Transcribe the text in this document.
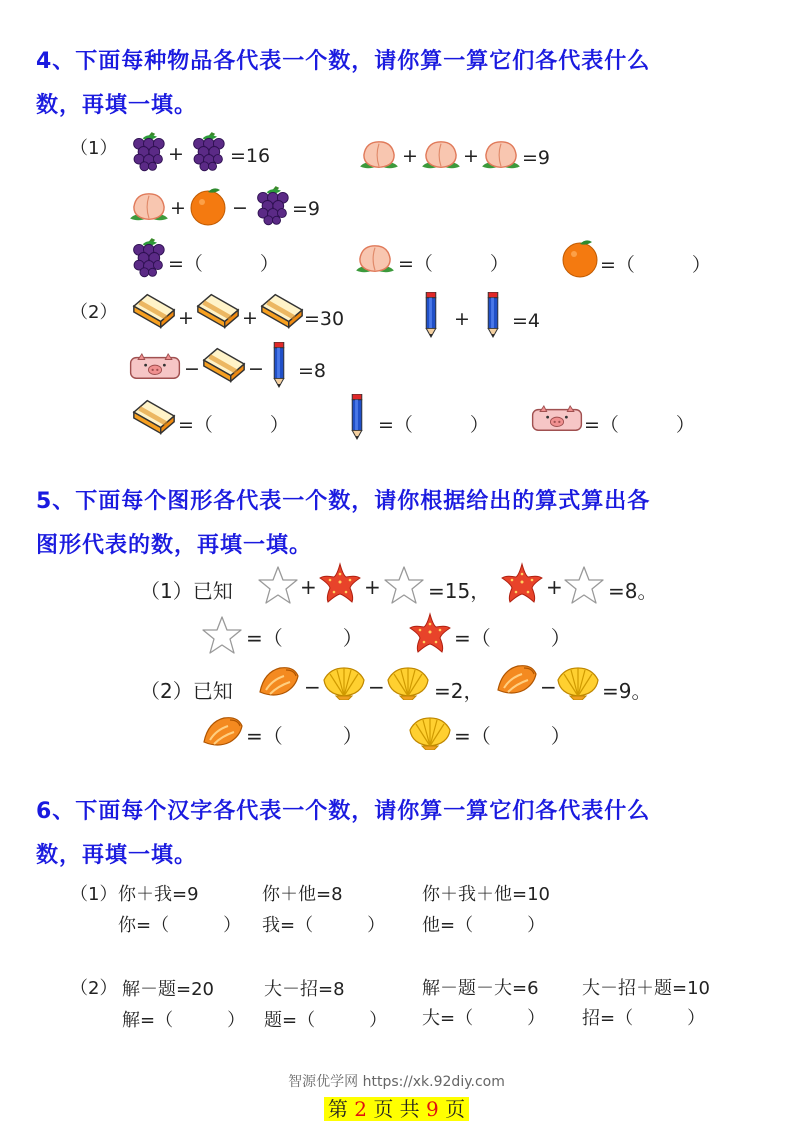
4、下面每种物品各代表一个数，请你算一算它们各代表什么
数，再填一填。
（1）	+ =16	+ + =9
+ − =9
=（　　　）	=（　　　）	=（　　　）
（2）	+	+ =30	+ =4
−	− =8
=（　　　）	=（　　　）	=（　　　）
5、下面每个图形各代表一个数，请你根据给出的算式算出各
图形代表的数，再填一填。
（1）已知	+ + =15，	+ =8。
=（　　　）	=（　　　）
（2）已知	− − =2，	− =9。
=（　　　）	=（　　　）
6、下面每个汉字各代表一个数，请你算一算它们各代表什么
数，再填一填。
（1） 你＋我=9	你＋他=8	你＋我＋他=10
你=（　　　） 我=（　　　） 他=（　　　）
（2） 解－题=20	大－招=8	解－题－大=6 大－招＋题=10
解=（　　　） 题=（　　　） 大=（　　　） 招=（　　　）
智源优学网 https://xk.92diy.com
第 2 页 共 9 页
